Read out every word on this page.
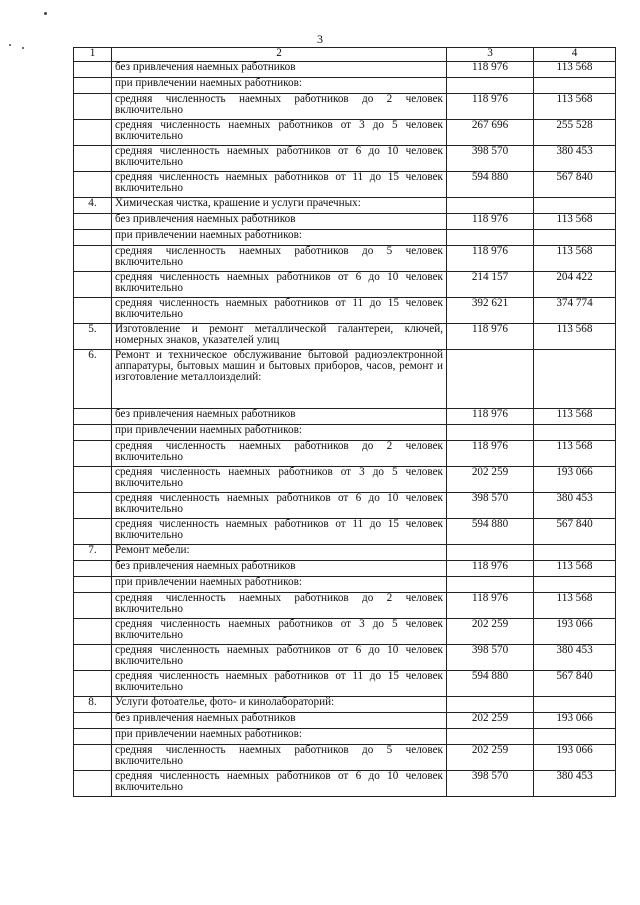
3
1	2	3	4
	без привлечения наемных работников	118 976	113 568
	при привлечении наемных работников:		
	средняя численность наемных работников до 2 человек включительно	118 976	113 568
	средняя численность наемных работников от 3 до 5 человек включительно	267 696	255 528
	средняя численность наемных работников от 6 до 10 человек включительно	398 570	380 453
	средняя численность наемных работников от 11 до 15 человек включительно	594 880	567 840
4.	Химическая чистка, крашение и услуги прачечных:		
	без привлечения наемных работников	118 976	113 568
	при привлечении наемных работников:		
	средняя численность наемных работников до 5 человек включительно	118 976	113 568
	средняя численность наемных работников от 6 до 10 человек включительно	214 157	204 422
	средняя численность наемных работников от 11 до 15 человек включительно	392 621	374 774
5.	Изготовление и ремонт металлической галантереи, ключей, номерных знаков, указателей улиц	118 976	113 568
6.	Ремонт и техническое обслуживание бытовой радиоэлектронной аппаратуры, бытовых машин и бытовых приборов, часов, ремонт и изготовление металлоизделий:		
	без привлечения наемных работников	118 976	113 568
	при привлечении наемных работников:		
	средняя численность наемных работников до 2 человек включительно	118 976	113 568
	средняя численность наемных работников от 3 до 5 человек включительно	202 259	193 066
	средняя численность наемных работников от 6 до 10 человек включительно	398 570	380 453
	средняя численность наемных работников от 11 до 15 человек включительно	594 880	567 840
7.	Ремонт мебели:		
	без привлечения наемных работников	118 976	113 568
	при привлечении наемных работников:		
	средняя численность наемных работников до 2 человек включительно	118 976	113 568
	средняя численность наемных работников от 3 до 5 человек включительно	202 259	193 066
	средняя численность наемных работников от 6 до 10 человек включительно	398 570	380 453
	средняя численность наемных работников от 11 до 15 человек включительно	594 880	567 840
8.	Услуги фотоателье, фото- и кинолабораторий:		
	без привлечения наемных работников	202 259	193 066
	при привлечении наемных работников:		
	средняя численность наемных работников до 5 человек включительно	202 259	193 066
	средняя численность наемных работников от 6 до 10 человек включительно	398 570	380 453
